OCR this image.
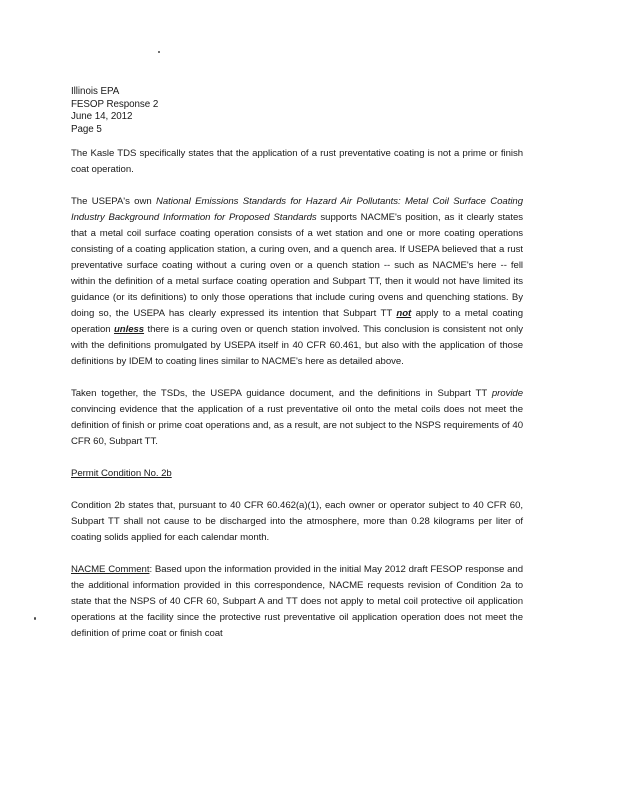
Illinois EPA
FESOP Response 2
June 14, 2012
Page 5

The Kasle TDS specifically states that the application of a rust preventative coating is not a prime or finish coat operation.

The USEPA's own National Emissions Standards for Hazard Air Pollutants: Metal Coil Surface Coating Industry Background Information for Proposed Standards supports NACME's position, as it clearly states that a metal coil surface coating operation consists of a wet station and one or more coating operations consisting of a coating application station, a curing oven, and a quench area. If USEPA believed that a rust preventative surface coating without a curing oven or a quench station -- such as NACME's here -- fell within the definition of a metal surface coating operation and Subpart TT, then it would not have limited its guidance (or its definitions) to only those operations that include curing ovens and quenching stations. By doing so, the USEPA has clearly expressed its intention that Subpart TT not apply to a metal coating operation unless there is a curing oven or quench station involved. This conclusion is consistent not only with the definitions promulgated by USEPA itself in 40 CFR 60.461, but also with the application of those definitions by IDEM to coating lines similar to NACME's here as detailed above.

Taken together, the TSDs, the USEPA guidance document, and the definitions in Subpart TT provide convincing evidence that the application of a rust preventative oil onto the metal coils does not meet the definition of finish or prime coat operations and, as a result, are not subject to the NSPS requirements of 40 CFR 60, Subpart TT.

Permit Condition No. 2b

Condition 2b states that, pursuant to 40 CFR 60.462(a)(1), each owner or operator subject to 40 CFR 60, Subpart TT shall not cause to be discharged into the atmosphere, more than 0.28 kilograms per liter of coating solids applied for each calendar month.

NACME Comment: Based upon the information provided in the initial May 2012 draft FESOP response and the additional information provided in this correspondence, NACME requests revision of Condition 2a to state that the NSPS of 40 CFR 60, Subpart A and TT does not apply to metal coil protective oil application operations at the facility since the protective rust preventative oil application operation does not meet the definition of prime coat or finish coat
